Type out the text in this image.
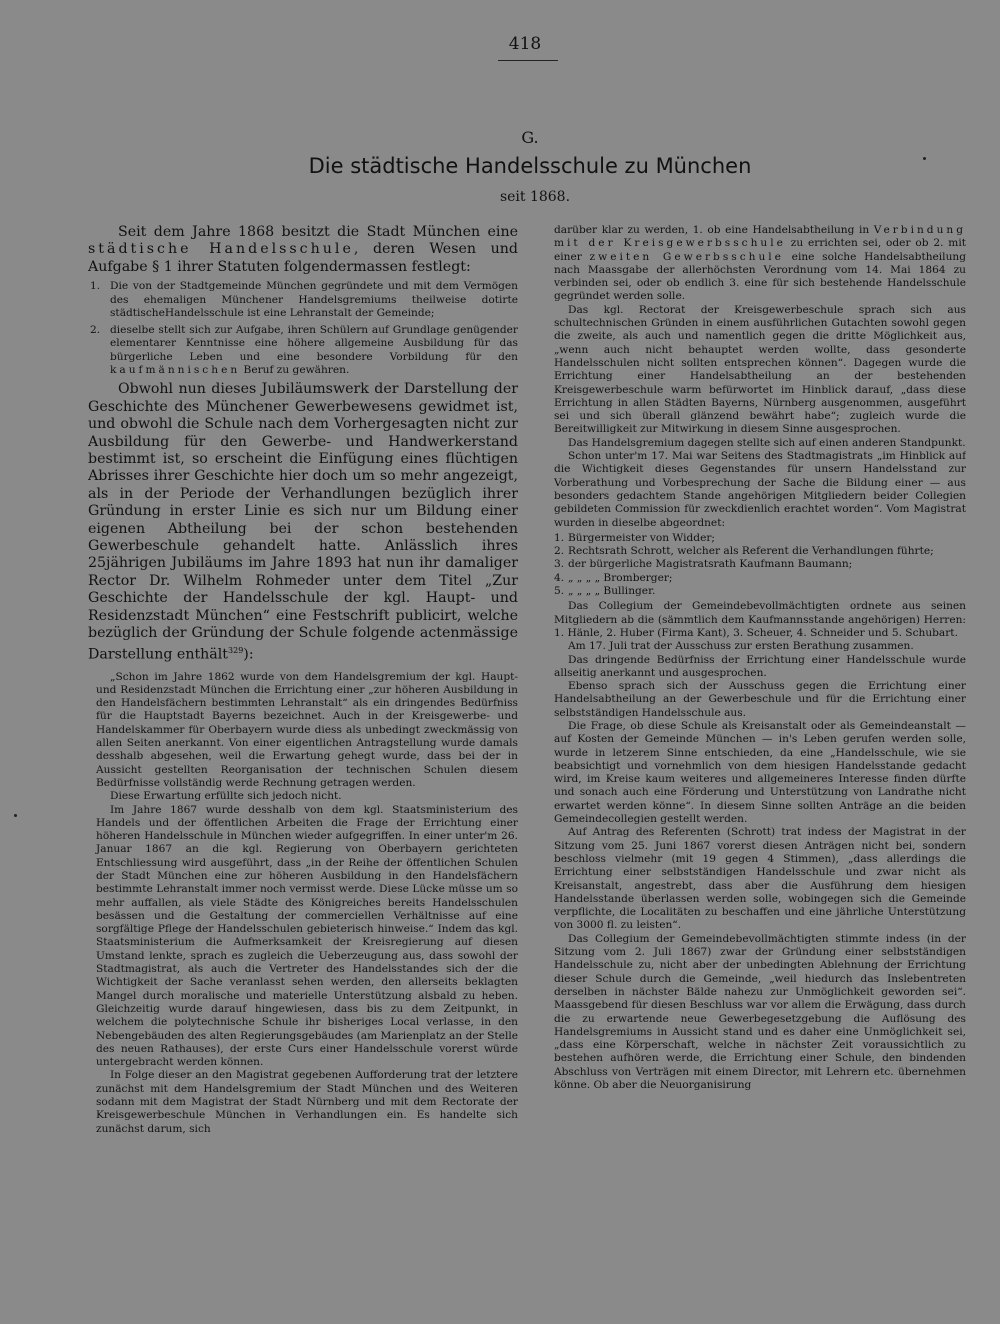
418
G.
Die städtische Handelsschule zu München
seit 1868.

Seit dem Jahre 1868 besitzt die Stadt München eine städtische Handelsschule, deren Wesen und Aufgabe § 1 ihrer Statuten folgendermassen festlegt:

1. Die von der Stadtgemeinde München gegründete und mit dem Vermögen des ehemaligen Münchener Handelsgremiums theilweise dotirte städtischeHandelsschule ist eine Lehranstalt der Gemeinde;
2. dieselbe stellt sich zur Aufgabe, ihren Schülern auf Grundlage genügender elementarer Kenntnisse eine höhere allgemeine Ausbildung für das bürgerliche Leben und eine besondere Vorbildung für den kaufmännischen Beruf zu gewähren.

Obwohl nun dieses Jubiläumswerk der Darstellung der Geschichte des Münchener Gewerbewesens gewidmet ist, und obwohl die Schule nach dem Vorhergesagten nicht zur Ausbildung für den Gewerbe- und Handwerkerstand bestimmt ist, so erscheint die Einfügung eines flüchtigen Abrisses ihrer Geschichte hier doch um so mehr angezeigt, als in der Periode der Verhandlungen bezüglich ihrer Gründung in erster Linie es sich nur um Bildung einer eigenen Abtheilung bei der schon bestehenden Gewerbeschule gehandelt hatte. Anlässlich ihres 25jährigen Jubiläums im Jahre 1893 hat nun ihr damaliger Rector Dr. Wilhelm Rohmeder unter dem Titel „Zur Geschichte der Handelsschule der kgl. Haupt- und Residenzstadt München“ eine Festschrift publicirt, welche bezüglich der Gründung der Schule folgende actenmässige Darstellung enthält$^{329}$):

„Schon im Jahre 1862 wurde von dem Handelsgremium der kgl. Haupt- und Residenzstadt München die Errichtung einer „zur höheren Ausbildung in den Handelsfächern bestimmten Lehranstalt“ als ein dringendes Bedürfniss für die Hauptstadt Bayerns bezeichnet. Auch in der Kreisgewerbe- und Handelskammer für Oberbayern wurde diess als unbedingt zweckmässig von allen Seiten anerkannt. Von einer eigentlichen Antragstellung wurde damals desshalb abgesehen, weil die Erwartung gehegt wurde, dass bei der in Aussicht gestellten Reorganisation der technischen Schulen diesem Bedürfnisse vollständig werde Rechnung getragen werden.

Diese Erwartung erfüllte sich jedoch nicht.

Im Jahre 1867 wurde desshalb von dem kgl. Staatsministerium des Handels und der öffentlichen Arbeiten die Frage der Errichtung einer höheren Handelsschule in München wieder aufgegriffen. In einer unter'm 26. Januar 1867 an die kgl. Regierung von Oberbayern gerichteten Entschliessung wird ausgeführt, dass „in der Reihe der öffentlichen Schulen der Stadt München eine zur höheren Ausbildung in den Handelsfächern bestimmte Lehranstalt immer noch vermisst werde. Diese Lücke müsse um so mehr auffallen, als viele Städte des Königreiches bereits Handelsschulen besässen und die Gestaltung der commerciellen Verhältnisse auf eine sorgfältige Pflege der Handelsschulen gebieterisch hinweise.“ Indem das kgl. Staatsministerium die Aufmerksamkeit der Kreisregierung auf diesen Umstand lenkte, sprach es zugleich die Ueberzeugung aus, dass sowohl der Stadtmagistrat, als auch die Vertreter des Handelsstandes sich der die Wichtigkeit der Sache veranlasst sehen werden, den allerseits beklagten Mangel durch moralische und materielle Unterstützung alsbald zu heben. Gleichzeitig wurde darauf hingewiesen, dass bis zu dem Zeitpunkt, in welchem die polytechnische Schule ihr bisheriges Local verlasse, in den Nebengebäuden des alten Regierungsgebäudes (am Marienplatz an der Stelle des neuen Rathauses), der erste Curs einer Handelsschule vorerst würde untergebracht werden können.

In Folge dieser an den Magistrat gegebenen Aufforderung trat der letztere zunächst mit dem Handelsgremium der Stadt München und des Weiteren sodann mit dem Magistrat der Stadt Nürnberg und mit dem Rectorate der Kreisgewerbeschule München in Verhandlungen ein. Es handelte sich zunächst darum, sich

darüber klar zu werden, 1. ob eine Handelsabtheilung in Verbindung mit der Kreisgewerbsschule zu errichten sei, oder ob 2. mit einer zweiten Gewerbsschule eine solche Handelsabtheilung nach Maassgabe der allerhöchsten Verordnung vom 14. Mai 1864 zu verbinden sei, oder ob endlich 3. eine für sich bestehende Handelsschule gegründet werden solle.

Das kgl. Rectorat der Kreisgewerbeschule sprach sich aus schultechnischen Gründen in einem ausführlichen Gutachten sowohl gegen die zweite, als auch und namentlich gegen die dritte Möglichkeit aus, „wenn auch nicht behauptet werden wollte, dass gesonderte Handelsschulen nicht sollten entsprechen können“. Dagegen wurde die Errichtung einer Handelsabtheilung an der bestehenden Kreisgewerbeschule warm befürwortet im Hinblick darauf, „dass diese Errichtung in allen Städten Bayerns, Nürnberg ausgenommen, ausgeführt sei und sich überall glänzend bewährt habe“; zugleich wurde die Bereitwilligkeit zur Mitwirkung in diesem Sinne ausgesprochen.

Das Handelsgremium dagegen stellte sich auf einen anderen Standpunkt.

Schon unter'm 17. Mai war Seitens des Stadtmagistrats „im Hinblick auf die Wichtigkeit dieses Gegenstandes für unsern Handelsstand zur Vorberathung und Vorbesprechung der Sache die Bildung einer — aus besonders gedachtem Stande angehörigen Mitgliedern beider Collegien gebildeten Commission für zweckdienlich erachtet worden“. Vom Magistrat wurden in dieselbe abgeordnet:

1. Bürgermeister von Widder;
2. Rechtsrath Schrott, welcher als Referent die Verhandlungen führte;
3. der bürgerliche Magistratsrath Kaufmann Baumann;
4. „ „ „ „ Bromberger;
5. „ „ „ „ Bullinger.

Das Collegium der Gemeindebevollmächtigten ordnete aus seinen Mitgliedern ab die (sämmtlich dem Kaufmannsstande angehörigen) Herren: 1. Hänle, 2. Huber (Firma Kant), 3. Scheuer, 4. Schneider und 5. Schubart.

Am 17. Juli trat der Ausschuss zur ersten Berathung zusammen.

Das dringende Bedürfniss der Errichtung einer Handelsschule wurde allseitig anerkannt und ausgesprochen.

Ebenso sprach sich der Ausschuss gegen die Errichtung einer Handelsabtheilung an der Gewerbeschule und für die Errichtung einer selbstständigen Handelsschule aus.

Die Frage, ob diese Schule als Kreisanstalt oder als Gemeindeanstalt — auf Kosten der Gemeinde München — in's Leben gerufen werden solle, wurde in letzerem Sinne entschieden, da eine „Handelsschule, wie sie beabsichtigt und vornehmlich von dem hiesigen Handelsstande gedacht wird, im Kreise kaum weiteres und allgemeineres Interesse finden dürfte und sonach auch eine Förderung und Unterstützung von Landrathe nicht erwartet werden könne“. In diesem Sinne sollten Anträge an die beiden Gemeindecollegien gestellt werden.

Auf Antrag des Referenten (Schrott) trat indess der Magistrat in der Sitzung vom 25. Juni 1867 vorerst diesen Anträgen nicht bei, sondern beschloss vielmehr (mit 19 gegen 4 Stimmen), „dass allerdings die Errichtung einer selbstständigen Handelsschule und zwar nicht als Kreisanstalt, angestrebt, dass aber die Ausführung dem hiesigen Handelsstande überlassen werden solle, wobingegen sich die Gemeinde verpflichte, die Localitäten zu beschaffen und eine jährliche Unterstützung von 3000 fl. zu leisten“.

Das Collegium der Gemeindebevollmächtigten stimmte indess (in der Sitzung vom 2. Juli 1867) zwar der Gründung einer selbstständigen Handelsschule zu, nicht aber der unbedingten Ablehnung der Errichtung dieser Schule durch die Gemeinde, „weil hiedurch das Inslebentreten derselben in nächster Bälde nahezu zur Unmöglichkeit geworden sei“. Maassgebend für diesen Beschluss war vor allem die Erwägung, dass durch die zu erwartende neue Gewerbegesetzgebung die Auflösung des Handelsgremiums in Aussicht stand und es daher eine Unmöglichkeit sei, „dass eine Körperschaft, welche in nächster Zeit voraussichtlich zu bestehen aufhören werde, die Errichtung einer Schule, den bindenden Abschluss von Verträgen mit einem Director, mit Lehrern etc. übernehmen könne. Ob aber die Neuorganisirung
